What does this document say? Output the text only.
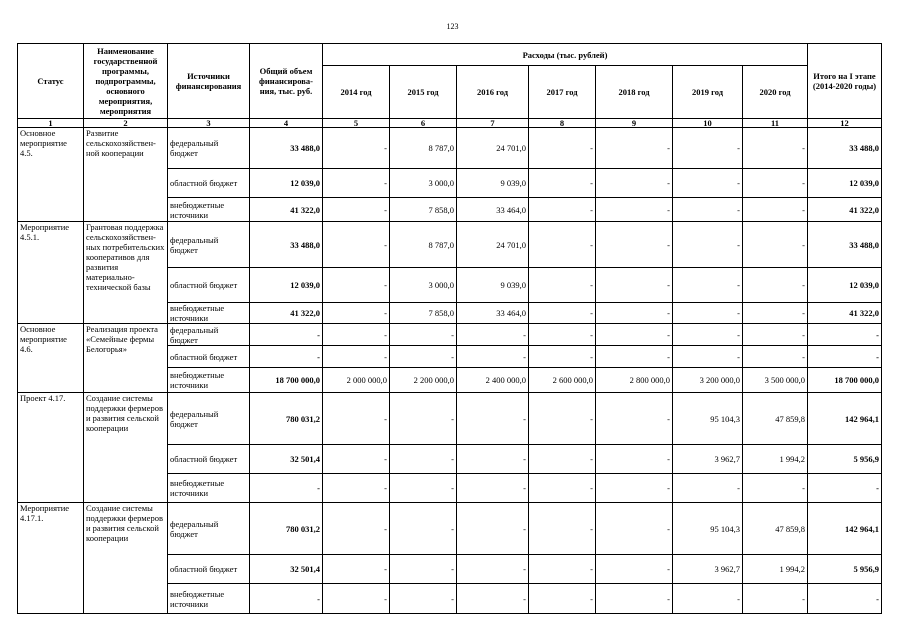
123
Статус	Наименование государственной программы, подпрограммы, основного мероприятия, мероприятия	Источники финансирования	Общий объем финансирова-ния, тыс. руб.	Расходы (тыс. рублей)							Итого на I этапе (2014-2020 годы)
				2014 год	2015 год	2016 год	2017 год	2018 год	2019 год	2020 год	
1	2	3	4	5	6	7	8	9	10	11	12
Основное мероприятие 4.5.	Развитие сельскохозяйствен-ной кооперации	федеральный бюджет	33 488,0	-	8 787,0	24 701,0	-	-	-	-	33 488,0
		областной бюджет	12 039,0	-	3 000,0	9 039,0	-	-	-	-	12 039,0
		внебюджетные источники	41 322,0	-	7 858,0	33 464,0	-	-	-	-	41 322,0
Мероприятие 4.5.1.	Грантовая поддержка сельскохозяйствен-ных потребительских кооперативов для развития материально-технической базы	федеральный бюджет	33 488,0	-	8 787,0	24 701,0	-	-	-	-	33 488,0
		областной бюджет	12 039,0	-	3 000,0	9 039,0	-	-	-	-	12 039,0
		внебюджетные источники	41 322,0	-	7 858,0	33 464,0	-	-	-	-	41 322,0
Основное мероприятие 4.6.	Реализация проекта «Семейные фермы Белогорья»	федеральный бюджет	-	-	-	-	-	-	-	-	-
		областной бюджет	-	-	-	-	-	-	-	-	-
		внебюджетные источники	18 700 000,0	2 000 000,0	2 200 000,0	2 400 000,0	2 600 000,0	2 800 000,0	3 200 000,0	3 500 000,0	18 700 000,0
Проект 4.17.	Создание системы поддержки фермеров и развития сельской кооперации	федеральный бюджет	780 031,2	-	-	-	-	-	95 104,3	47 859,8	142 964,1
		областной бюджет	32 501,4	-	-	-	-	-	3 962,7	1 994,2	5 956,9
		внебюджетные источники	-	-	-	-	-	-	-	-	-
Мероприятие 4.17.1.	Создание системы поддержки фермеров и развития сельской кооперации	федеральный бюджет	780 031,2	-	-	-	-	-	95 104,3	47 859,8	142 964,1
		областной бюджет	32 501,4	-	-	-	-	-	3 962,7	1 994,2	5 956,9
		внебюджетные источники	-	-	-	-	-	-	-	-	-
